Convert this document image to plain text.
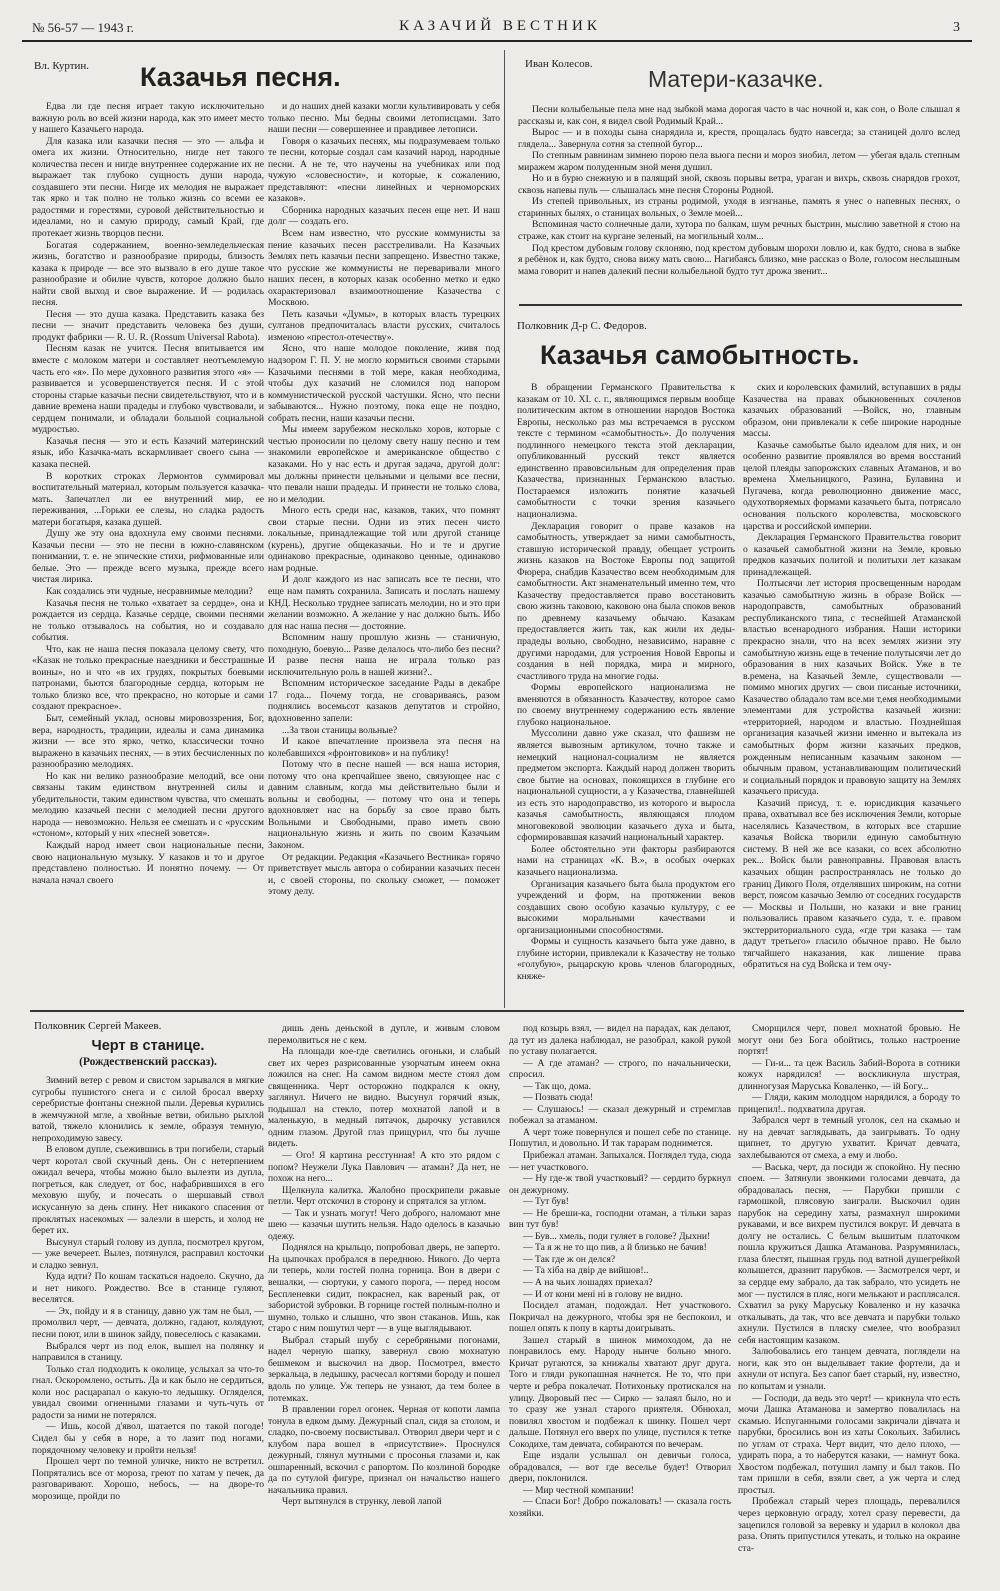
№ 56-57 — 1943 г.	КАЗАЧИЙ ВЕСТНИК	3
Вл. Куртин. Казачья песня.

Едва ли где песня играет такую исключительно важную роль во всей жизни народа, как это имеет место у нашего Казачьего народа.

Для казака или казачки песня — это — альфа и омега их жизни. Относительно, нигде нет такого количества песен и нигде внутреннее содержание их не выражает так глубоко сущность души народа, создавшего эти песни. Нигде их мелодия не выражает так ярко и так полно не только жизнь со всеми ее радостями и горестями, суровой действительностью и идеалами, но и самую природу, самый Край, где протекает жизнь творцов песни.

Богатая содержанием, военно-земледельческая жизнь, богатство и разнообразие природы, близость казака к природе — все это вызвало в его душе такое разнообразие и обилие чувств, которое должно было найти свой выход и свое выражение. И — родилась песня.

Песня — это душа казака. Представить казака без песни — значит представить человека без души, продукт фабрики — R. U. R. (Rossum Universal Rabota).

Песням казак не учится. Песня впитывается им вместе с молоком матери и составляет неотъемлемую часть его «я». По мере духовного развития этого «я» — развивается и усовершенствуется песня. И с этой стороны старые казачьи песни свидетельствуют, что и в давние времена наши прадеды и глубоко чувствовали, и сердцем понимали, и обладали большой социальной мудростью.

Казачья песня — это и есть Казачий материнский язык, ибо Казачка-мать вскармливает своего сына — казака песней.

В коротких строках Лермонтов суммировал воспитательный материал, которым пользуется казачка-мать. Запечатлел ли ее внутренний мир, ее переживания, ...Горьки ее слезы, но сладка радость матери богатыря, казака душей.

Душу же эту она вдохнула ему своими песнями. Казачьи песни — это не песни в южно-славянском понимании, т. е. не эпические стихи, рифмованные или белые. Это — прежде всего музыка, прежде всего чистая лирика.

Как создались эти чудные, несравнимые мелодии?

Казачья песня не только «хватает за сердце», она и рождается из сердца. Казачье сердце, своими песнями не только отзывалось на события, но и создавало события.

Что, как не наша песня показала целому свету, что «Казак не только прекрасные наездники и бесстрашные воины», но и что «в их грудях, покрытых боевыми патронами, бьются благородные сердца, которым не только близко все, что прекрасно, но которые и сами создают прекрасное».

Быт, семейный уклад, основы мировоззрения, Бог, вера, народность, традиции, идеалы и сама динамика жизни — все это ярко, четко, классически точно выражено в казачьих песнях, — в этих бесчисленных по разнообразию мелодиях.

Но как ни велико разнообразие мелодий, все они связаны таким единством внутренней силы и убедительности, таким единством чувства, что смешать мелодию казачьей песни с мелодией песни другого народа — невозможно. Нельзя ее смешать и с «русским «стоном», который у них «песней зовется».

Каждый народ имеет свои национальные песни, свою национальную музыку. У казаков и то и другое представлено полностью. И понятно почему. — От начала начал своего

и до наших дней казаки могли культивировать у себя только песню. Мы бедны своими летописцами. Зато наши песни — совершеннее и правдивее летописи.

Говоря о казачьих песнях, мы подразумеваем только те песни, которые создал сам казачий народ, народные песни. А не те, что научены на учебниках или под чужую «словесности», и которые, к сожалению, представляют: «песни линейных и черноморских казаков».

Сборника народных казачьих песен еще нет. И наш долг — создать его.

Всем нам известно, что русские коммунисты за пение казачьих песен расстреливали. На Казачьих Землях петь казачьи песни запрещено. Известно также, что русские же коммунисты не переваривали много наших песен, в которых казак особенно метко и едко охарактеризовал взаимоотношение Казачества с Москвою.

Петь казачьи «Думы», в которых власть турецких султанов предпочиталась власти русских, считалось изменою «престол-отечеству».

Ясно, что наше молодое поколение, живя под надзором Г. П. У. не могло кормиться своими старыми Казачьими песнями в той мере, какая необходима, чтобы дух казачий не сломился под напором коммунистической русской частушки. Ясно, что песни забываются... Нужно поэтому, пока еще не поздно, собрать песни, наши казачьи песни.

Мы имеем зарубежом несколько хоров, которые с честью проносили по целому свету нашу песню и тем знакомили европейское и американское общество с казаками. Но у нас есть и другая задача, другой долг: мы должны принести цельными и целыми все песни, что певали наши прадеды. И принести не только слова, но и мелодии.

Много есть среди нас, казаков, таких, что помнят свои старые песни. Одни из этих песен чисто локальные, принадлежащие той или другой станице (курень), другие общеказачьи. Но и те и другие одинаково прекрасные, одинаково ценные, одинаково нам родные.

И долг каждого из нас записать все те песни, что еще нам память сохранила. Записать и послать нашему КНД. Несколько труднее записать мелодии, но и это при желании возможно. А желание у нас должно быть. Ибо для нас наша песня — достояние.

Вспомним нашу прошлую жизнь — станичную, походную, боевую... Разве делалось что-либо без песни? И разве песня наша не играла только раз исключительную роль в нашей жизни?..

Вспомним историческое заседание Рады в декабре 17 года... Почему тогда, не сговариваясь, разом поднялись восемьсот казаков депутатов и стройно, вдохновенно запели:

...За твои станицы вольные?

И какое впечатление произвела эта песня на колебавшихся «фронтовиков» и на публику!

Потому что в песне нашей — вся наша история, потому что она крепчайшее звено, связующее нас с давним славным, когда мы действительно были и вольны и свободны, — потому что она и теперь вдохновляет нас на борьбу за свое право быть Вольными и Свободными, право иметь свою национальную жизнь и жить по своим Казачьим Законом.

От редакции. Редакция «Казачьего Вестника» горячо приветствует мысль автора о собирании казачьих песен и, с своей стороны, по скольку сможет, — поможет этому делу.

Иван Колесов.
Матери-казачке.

Песни колыбельные пела мне над зыбкой мама дорогая часто в час ночной и, как сон, о Воле слышал я рассказы и, как сон, я видел свой Родимый Край...

Вырос — и в походы сына снарядила и, крестя, прощалась будто навсегда; за станицей долго вслед глядела... Завернула сотня за степной бугор...

По степным равнинам зимнею порою пела вьюга песни и мороз знобил, летом — убегая вдаль степным миражем жаром полуденным зной меня душил.

Но и в бурю снежную и в палящий зной, сквозь порывы ветра, ураган и вихрь, сквозь снарядов грохот, сквозь напевы пуль — слышалась мне песня Стороны Родной.

Из степей привольных, из страны родимой, уходя в изгнанье, память я унес о напевных песнях, о старинных былях, о станицах вольных, о Земле моей...

Вспоминая часто солнечные дали, хутора по балкам, шум речных быстрин, мыслию заветной я стою на страже, как стоит на кургане зеленый, на могильный холм...

Под крестом дубовым голову склоняю, под крестом дубовым шорохи ловлю и, как будто, снова в зыбке я ребёнок и, как будто, снова вижу мать свою... Нагибаясь близко, мне рассказ о Воле, голосом неслышным мама говорит и напев далекий песни колыбельной будто тут дрожа звенит...

Полковник Д-р С. Федоров.
Казачья самобытность.

В обращении Германского Правительства к казакам от 10. XI. с. г., являющимся первым вообще политическим актом в отношении народов Востока Европы, несколько раз мы встречаемся в русском тексте с термином «самобытность». До получения подлинного немецкого текста этой декларации, опубликованный русский текст является единственно правовсильным для определения прав Казачества, признанных Германскою властью. Постараемся изложить понятие казачьей самобытности с точки зрения казачьего национализма.

Декларация говорит о праве казаков на самобытность, утверждает за ними самобытность, ставшую исторической правду, обещает устроить жизнь казаков на Востоке Европы под защитой Фюрера, снабдив Казачество всем необходимым для самобытности. Акт знаменательный именно тем, что Казачеству предоставляется право восстановить свою жизнь таковою, каковою она была споков веков по древнему казачьему обычаю. Казакам предоставляется жить так, как жили их деды-прадеды вольно, свободно, независимо, наравне с другими народами, для устроения Новой Европы и создания в ней порядка, мира и мирного, счастливого труда на многие годы.

Формы европейского национализма не вменяются в обязанность Казачеству, которое само по своему внутреннему содержанию есть явление глубоко национальное.

Муссолини давно уже сказал, что фашизм не является вывозным артикулом, точно также и немецкий национал-социализм не является предметом экспорта. Каждый народ должен творить свое бытие на основах, покоящихся в глубине его национальной сущности, а у Казачества, главнейшей из есть это народоправство, из которого и выросла казачья самобытность, являющаяся плодом многовековой эволюции казачьего духа и быта, сформировавшая казачий национальный характер.

Более обстоятельно эти факторы разбираются нами на страницах «К. В.», в особых очерках казачьего национализма.

Организация казачьего быта была продуктом его учреждений и форм, на протяжении веков создавших свою особую казачью культуру, с ее высокими моральными качествами и организационными способностями.

Формы и сущность казачьего быта уже давно, в глубине истории, привлекали к Казачеству не только «голубую», рыцарскую кровь членов благородных, княже-

ских и королевских фамилий, вступавших в ряды Казачества на правах обыкновенных сочленов казачьих образований —Войск, но, главным образом, они привлекали к себе широкие народные массы.

Казачье самобытье было идеалом для них, и он особенно развитие проявлялся во время восстаний целой плеяды запорожских славных Атаманов, и во времена Хмельницкого, Разина, Булавина и Пугачева, когда революционно движение масс, одухотворяемых формами казачьего быта, потрясало основания польского королевства, московского царства и российской империи.

Декларация Германского Правительства говорит о казачьей самобытной жизни на Земле, кровью предков казачьих политой и политыхи лет казакам принадлежащей.

Полтысячи лет история просвещенным народам казачью самобытную жизнь в образе Войск — народоправств, самобытных образований республиканского типа, с теснейшей Атаманской властью всенародного избрания. Наши историки прекрасно знали, что на всех землях жизни эту самобытную жизнь еще в течение полутысячи лет до образования в них казачьих Войск. Уже в те в.ремена, на Казачьей Земле, существовали — помимо многих других — свои писаные источники, Казачество обладало там все.ми т,емя необходимыми элементами для устройства казачьей жизни: «территорией, народом и властью. Позднейшая организация казачьей жизни именно и вытекала из самобытных форм жизни казачьих предков, рожденным неписанным казачьим законом — обычным правом, устанавливающим политический и социальный порядок и правовую защиту на Землях казачьего присуда.

Казачий присуд, т. е. юрисдикция казачьего права, охватывал все без исключения Земли, которые населялись Казачеством, в которых все старшие казачья Войска творили единую самобытную систему. В ней же все казаки, со всех абсолютно рек... Войск были равноправны. Правовая власть казачьих общин распространялась не только до границ Дикого Поля, отделявших широким, на сотни верст, поясом казачью Землю от соседних государств — Москвы и Польши, но казаки и вне границ пользовались правом казачьего суда, т. е. правом экстерриториального суда, «где три казака — там дадут третьего» гласило обычное право. Не было тягчайшего наказания, как лишение права обратиться на суд Войска и тем очу-

Полковник Сергей Макеев.
Черт в станице.
(Рождественский рассказ).

Зимний ветер с ревом и свистом зарывался в мягкие сугробы пушистого снега и с силой бросал вверху серебристые фонтаны снежной пыли. Деревья курились в жемчужной мгле, а хвойные ветви, обильно рыхлой ватой, тяжело клонились к земле, образуя темную, непроходимую завесу.

В еловом дупле, съежившись в три погибели, старый черт коротал свой скучный день. Он с нетерпением ожидал вечера, чтобы можно было вылезти из дупла, погреться, как следует, от бос, нафабрившихся в его меховую шубу, и почесать о шершавый ствол искусанную за день спину. Нет никакого спасения от проклятых насекомых — залезли в шерсть, и холод не берет их.

Высунул старый голову из дупла, посмотрел кругом, — уже вечереет. Вылез, потянулся, расправил косточки и сладко зевнул.

Куда идти? По кошам таскаться надоело. Скучно, да и нет никого. Рождество. Все в станице гуляют, веселятся.

— Эх, пойду и я в станицу, давно уж там не был, — промолвил черт, — девчата, должно, гадают, колядуют, песни поют, или в шинок зайду, повеселюсь с казаками.

Выбрался черт из под елок, вышел на полянку и направился в станицу.

Только стал подходить к околице, услыхал за что-то гнал. Оскоромлено, остыть. Да и как было не сердиться, коли нос расцарапал о какую-то ледышку. Огляделся, увидал своими огненными глазами и чуть-чуть от радости за ними не потерялся.

— Ишь, косой д'явол, шатается по такой погоде! Сидел бы у себя в норе, а то лазит под ногами, порядочному человеку и пройти нельзя!

Прошел черт по темной уличке, никто не встретил. Попрятались все от мороза, греют по хатам у печек, да разговаривают. Хорошо, небось, — на дворе-то морозище, пройди по

дишь день деньской в дупле, и живым словом перемолвиться не с кем.

На площади кое-где светились огоньки, и слабый свет их через разрисованные узорчатым инеем окна ложился на снег. На самом видном месте стоял дом священника. Черт осторожно подкрался к окну, заглянул. Ничего не видно. Высунул горячий язык, подышал на стекло, потер мохнатой лапой и в маленькую, в медный пятачок, дырочку уставился одним глазом. Другой глаз прищурил, что бы лучше видеть.

— Ого! Я картина ресстунная! А кто это рядом с попом? Неужели Лука Павлович — атаман? Да нет, не похож на него...

Щелкнула калитка. Жалобно проскрипели ржавые петли. Черт отскочил в сторону и спрятался за углом.

— Так и узнать могут! Чего доброго, наломают мне шею — казачьи шутить нельзя. Надо оделось в казачью одежу.

Поднялся на крыльцо, попробовал дверь, не заперто. На цыпочках пробрался в переднюю. Никого. До черта ли теперь, коли гостей полна горница. Вон в двери с вешалки, — сюртуки, у самого порога, — перед носом Беспленевки сидит, покраснел, как вареный рак, от забористой зубровки. В горнице гостей полным-полно и шумно, только и слышно, что звон стаканов. Ишь, как старо с ним пошутил черт — в уще выглядывают.

Выбрал старый шубу с серебряными погонами, надел черную шапку, завернул свою мохнатую бешмеком и выскочил на двор. Посмотрел, вместо зеркальца, в ледышку, расчесал когтями бороду и пошел вдоль по улице. Уж теперь не узнают, да тем более в потемках.

В правлении горел огонек. Черная от копоти лампа тонула в едком дыму. Дежурный спал, сидя за столом, и сладко, по-своему посвистывал. Отворил двери черт и с клубом пара вошел в «присутствие». Проснулся дежурный, глянул мутными с просонья глазами и, как ошпаренный, вскочил с рапортом. По козлиной бородке да по сутулой фигуре, признал он начальство нашего начальника правил.

Черт вытянулся в струнку, левой лапой

под козырь взял, — видел на парадах, как делают, да тут из далека наблюдал, не разобрал, какой рукой по уставу полагается.

— А где атаман? — строго, по начальнически, спросил.

— Так що, дома.

— Позвать сюда!

— Слушаюсь! — сказал дежурный и стремглав побежал за атаманом.

А черт тоже повернулся и пошел себе по станице. Пошутил, и довольно. И так тарарам поднимется.

Прибежал атаман. Запыхался. Поглядел туда, сюда — нет участкового.

— Ну где-ж твой участковый? — сердито буркнул он дежурному.

— Тут був!

— Не бреши-ка, господни отаман, а тільки зараз вин тут був!

— Був... хмель, поди гуляет в голове? Дыхни!

— Та я ж не то що пив, а й близько не бачив!

— Так где ж он делся?

— Та хіба на двір де вийшов!..

— А на чьих лошадях приехал?

— И от кони мені ні в голову не видно.

Посидел атаман, подождал. Нет участкового. Покричал на дежурного, чтобы зря не беспокоил, и пошел опять к попу в карты доигрывать.

Зашел старый в шинок мимоходом, да не понравилось ему. Народу нынче больно много. Кричат ругаются, за книжалы хватают друг друга. Того и гляди рукопашная начнется. Не то, что при черте и ребра покалечат. Потихоньку протискался на улицу. Дворовый пес — Сирко — залаял было, но и то сразу же узнал старого приятеля. Обнюхал, повилял хвостом и подбежал к шинку. Пошел черт дальше. Потянул его вверх по улице, пустился к тетке Сокодихе, там девчата, собираются по вечерам.

Еще издали услышал он девичьи голоса, обрадовался, — вот где веселье будет! Отворил двери, поклонился.

— Мир честной компании!

— Спаси Бог! Добро пожаловать! — сказала гость хозяйки.

Сморщился черт, повел мохнатой бровью. Не могут они без Бога обойтись, только настроение портят!

— Ги-и... та цеж Василь Забий-Ворота в сотники кожух нарядился! — воскликнула шустрая, длинногузая Маруська Коваленко, — ій Богу...

— Гляди, каким молодцом нарядился, а бороду то прицепил!.. подхватила другая.

Забрался черт в темный уголок, сел на скамью и ну на девчат заглядывать, да заигрывать. То одну щипнет, то другую ухватит. Кричат девчата, захлебываются от смеха, а ему и любо.

— Васька, черт, да посиди ж спокойно. Ну песню споем. — Затянули звонкими голосами девчата, да обрадовалась песня, — Парубки пришли с гармошкой, плясовую заиграли. Выскочил один парубок на середину хаты, размахнул широкими рукавами, и все вихрем пустился вокруг. И девчата в долгу не остались. С белым вышитым платочком пошла кружиться Дашка Атаманова. Разрумянилась, глаза блестят, пышная грудь под ватной душегрейкой колышется, дразнит парубков. — Засмотрелся черт, и за сердце ему забрало, да так забрало, что усидеть не мог — пустился в пляс, ноги мелькают и расплясался. Схватил за руку Маруську Коваленко и ну казачка откалывать, да так, что все девчата и парубки только ахнули. Пустился в пляску смелее, что вообразил себя настоящим казаком.

Залюбовались его танцем девчата, поглядели на ноги, как это он выделывает такие фортели, да и ахнули от испуга. Без сапог бает старый, ну, известно, по копытам и узнали.

— Господи, да ведь это черт! — крикнула что есть мочи Дашка Атаманова и замертво повалилась на скамью. Испуганными голосами закричали дівчата и парубки, бросились вон из хаты Сокольих. Забились по углам от страха. Черт видит, что дело плохо, — удирать пора, а то наберутся казаки, — намнут бока. Хвостом подбежал, потушил лампу и был таков. По там пришли в себя, взяли свет, а уж черта и след простыл.

Пробежал старый через площадь, перевалился через церковную ограду, хотел сразу перевести, да зацепился головой за веревку и ударил в колокол два раза. Опять припустился утекать, и только на окраине ста-
